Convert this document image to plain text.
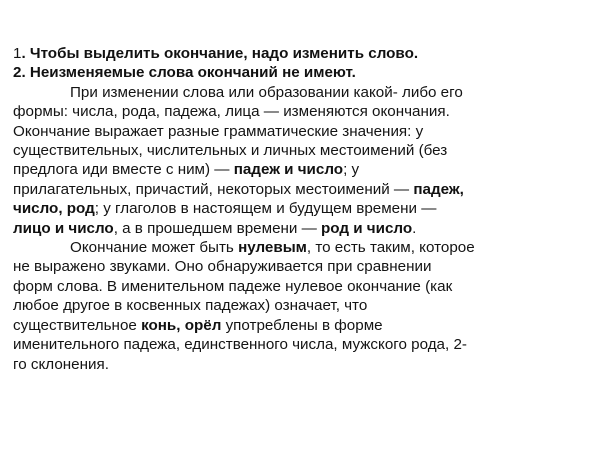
1. Чтобы выделить окончание, надо изменить слово.
2. Неизменяемые слова окончаний не имеют.
При изменении слова или образовании какой- либо его
формы: числа, рода, падежа, лица — изменяются окончания.
Окончание выражает разные грамматические значения: у
существительных, числительных и личных местоимений (без
предлога иди вместе с ним) — падеж и число; у
прилагательных, причастий, некоторых местоимений — падеж,
число, род; у глаголов в настоящем и будущем времени —
лицо и число, а в прошедшем времени — род и число.
Окончание может быть нулевым, то есть таким, которое
не выражено звуками. Оно обнаруживается при сравнении
форм слова. В именительном падеже нулевое окончание (как
любое другое в косвенных падежах) означает, что
существительное конь, орёл употреблены в форме
именительного падежа, единственного числа, мужского рода, 2-
го склонения.
